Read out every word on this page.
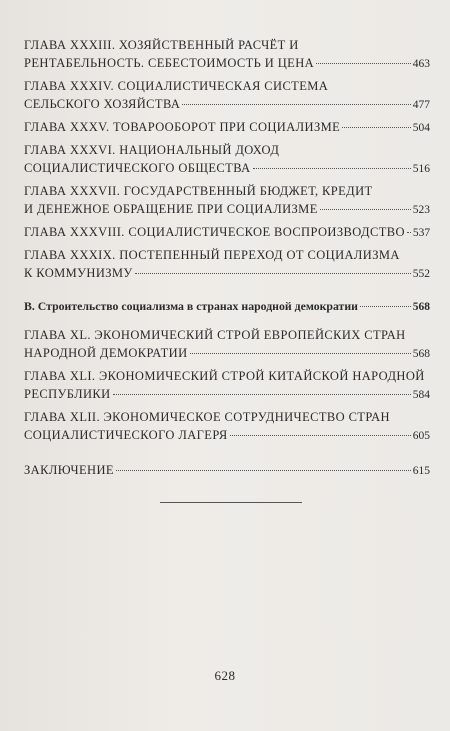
ГЛАВА XXXIII. ХОЗЯЙСТВЕННЫЙ РАСЧЁТ И
РЕНТАБЕЛЬНОСТЬ. СЕБЕСТОИМОСТЬ И ЦЕНА	463
ГЛАВА XXXIV. СОЦИАЛИСТИЧЕСКАЯ СИСТЕМА
СЕЛЬСКОГО ХОЗЯЙСТВА	477
ГЛАВА XXXV. ТОВАРООБОРОТ ПРИ СОЦИАЛИЗМЕ	504
ГЛАВА XXXVI. НАЦИОНАЛЬНЫЙ ДОХОД
СОЦИАЛИСТИЧЕСКОГО ОБЩЕСТВА	516
ГЛАВА XXXVII. ГОСУДАРСТВЕННЫЙ БЮДЖЕТ, КРЕДИТ
И ДЕНЕЖНОЕ ОБРАЩЕНИЕ ПРИ СОЦИАЛИЗМЕ	523
ГЛАВА XXXVIII. СОЦИАЛИСТИЧЕСКОЕ ВОСПРОИЗВОДСТВО 537
ГЛАВА XXXIX. ПОСТЕПЕННЫЙ ПЕРЕХОД ОТ СОЦИАЛИЗМА
К КОММУНИЗМУ	552
В. Строительство социализма в странах народной демократии	568
ГЛАВА XL. ЭКОНОМИЧЕСКИЙ СТРОЙ ЕВРОПЕЙСКИХ СТРАН
НАРОДНОЙ ДЕМОКРАТИИ	568
ГЛАВА XLI. ЭКОНОМИЧЕСКИЙ СТРОЙ КИТАЙСКОЙ НАРОДНОЙ
РЕСПУБЛИКИ	584
ГЛАВА XLII. ЭКОНОМИЧЕСКОЕ СОТРУДНИЧЕСТВО СТРАН
СОЦИАЛИСТИЧЕСКОГО ЛАГЕРЯ	605
ЗАКЛЮЧЕНИЕ	615
628
